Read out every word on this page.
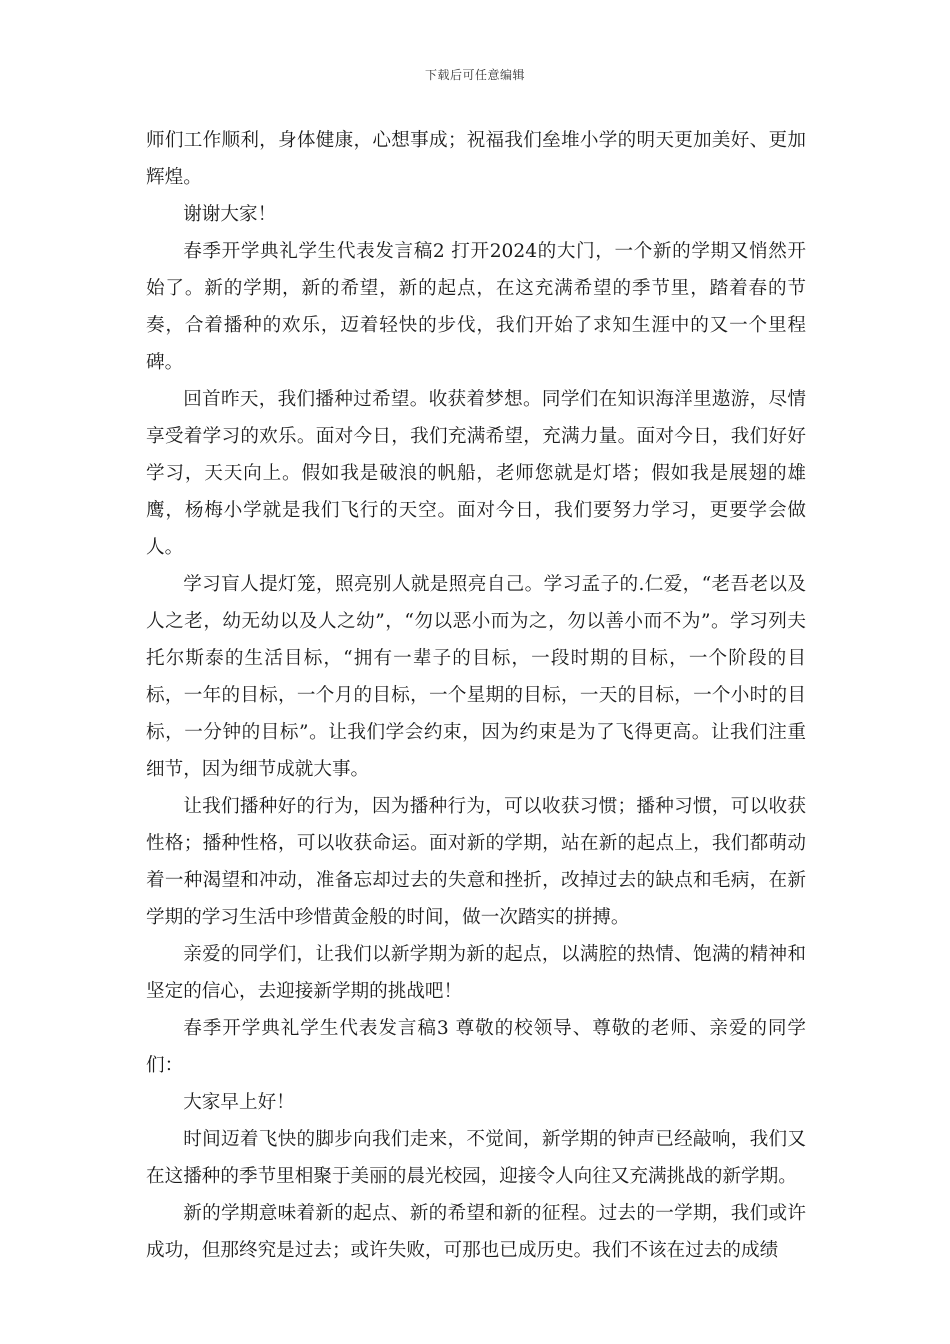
下载后可任意编辑

师们工作顺利，身体健康，心想事成；祝福我们垒堆小学的明天更加美好、更加辉煌。

谢谢大家！

春季开学典礼学生代表发言稿2 打开2024的大门，一个新的学期又悄然开始了。新的学期，新的希望，新的起点，在这充满希望的季节里，踏着春的节奏，合着播种的欢乐，迈着轻快的步伐，我们开始了求知生涯中的又一个里程碑。

回首昨天，我们播种过希望。收获着梦想。同学们在知识海洋里遨游，尽情享受着学习的欢乐。面对今日，我们充满希望，充满力量。面对今日，我们好好学习，天天向上。假如我是破浪的帆船，老师您就是灯塔；假如我是展翅的雄鹰，杨梅小学就是我们飞行的天空。面对今日，我们要努力学习，更要学会做人。

学习盲人提灯笼，照亮别人就是照亮自己。学习孟子的.仁爱，“老吾老以及人之老，幼无幼以及人之幼”，“勿以恶小而为之，勿以善小而不为”。学习列夫托尔斯泰的生活目标，“拥有一辈子的目标，一段时期的目标，一个阶段的目标，一年的目标，一个月的目标，一个星期的目标，一天的目标，一个小时的目标，一分钟的目标”。让我们学会约束，因为约束是为了飞得更高。让我们注重细节，因为细节成就大事。

让我们播种好的行为，因为播种行为，可以收获习惯；播种习惯，可以收获性格；播种性格，可以收获命运。面对新的学期，站在新的起点上，我们都萌动着一种渴望和冲动，准备忘却过去的失意和挫折，改掉过去的缺点和毛病，在新学期的学习生活中珍惜黄金般的时间，做一次踏实的拼搏。

亲爱的同学们，让我们以新学期为新的起点，以满腔的热情、饱满的精神和坚定的信心，去迎接新学期的挑战吧！

春季开学典礼学生代表发言稿3 尊敬的校领导、尊敬的老师、亲爱的同学们：

大家早上好！

时间迈着飞快的脚步向我们走来，不觉间，新学期的钟声已经敲响，我们又在这播种的季节里相聚于美丽的晨光校园，迎接令人向往又充满挑战的新学期。

新的学期意味着新的起点、新的希望和新的征程。过去的一学期，我们或许成功，但那终究是过去；或许失败，可那也已成历史。我们不该在过去的成绩
